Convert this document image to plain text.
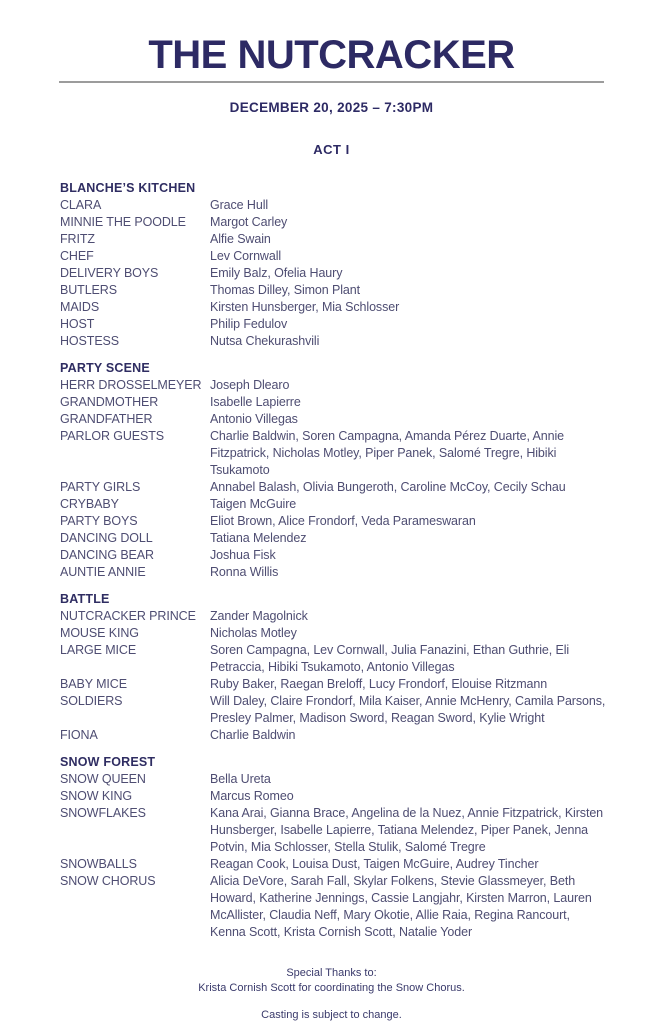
THE NUTCRACKER
DECEMBER 20, 2025 – 7:30PM
ACT I
BLANCHE’S KITCHEN
CLARA	Grace Hull
MINNIE THE POODLE	Margot Carley
FRITZ	Alfie Swain
CHEF	Lev Cornwall
DELIVERY BOYS	Emily Balz, Ofelia Haury
BUTLERS	Thomas Dilley, Simon Plant
MAIDS	Kirsten Hunsberger, Mia Schlosser
HOST	Philip Fedulov
HOSTESS	Nutsa Chekurashvili
PARTY SCENE
HERR DROSSELMEYER Joseph Dlearo
GRANDMOTHER	Isabelle Lapierre
GRANDFATHER	Antonio Villegas
PARLOR GUESTS	Charlie Baldwin, Soren Campagna, Amanda Pérez Duarte, Annie Fitzpatrick, Nicholas Motley, Piper Panek, Salomé Tregre, Hibiki Tsukamoto
PARTY GIRLS	Annabel Balash, Olivia Bungeroth, Caroline McCoy, Cecily Schau
CRYBABY	Taigen McGuire
PARTY BOYS	Eliot Brown, Alice Frondorf, Veda Parameswaran
DANCING DOLL	Tatiana Melendez
DANCING BEAR	Joshua Fisk
AUNTIE ANNIE	Ronna Willis
BATTLE
NUTCRACKER PRINCE	Zander Magolnick
MOUSE KING	Nicholas Motley
LARGE MICE	Soren Campagna, Lev Cornwall, Julia Fanazini, Ethan Guthrie, Eli Petraccia, Hibiki Tsukamoto, Antonio Villegas
BABY MICE	Ruby Baker, Raegan Breloff, Lucy Frondorf, Elouise Ritzmann
SOLDIERS	Will Daley, Claire Frondorf, Mila Kaiser, Annie McHenry, Camila Parsons, Presley Palmer, Madison Sword, Reagan Sword, Kylie Wright
FIONA	Charlie Baldwin
SNOW FOREST
SNOW QUEEN	Bella Ureta
SNOW KING	Marcus Romeo
SNOWFLAKES	Kana Arai, Gianna Brace, Angelina de la Nuez, Annie Fitzpatrick, Kirsten Hunsberger, Isabelle Lapierre, Tatiana Melendez, Piper Panek, Jenna Potvin, Mia Schlosser, Stella Stulik, Salomé Tregre
SNOWBALLS	Reagan Cook, Louisa Dust, Taigen McGuire, Audrey Tincher
SNOW CHORUS	Alicia DeVore, Sarah Fall, Skylar Folkens, Stevie Glassmeyer, Beth Howard, Katherine Jennings, Cassie Langjahr, Kirsten Marron, Lauren McAllister, Claudia Neff, Mary Okotie, Allie Raia, Regina Rancourt, Kenna Scott, Krista Cornish Scott, Natalie Yoder
Special Thanks to:
Krista Cornish Scott for coordinating the Snow Chorus.
Casting is subject to change.
